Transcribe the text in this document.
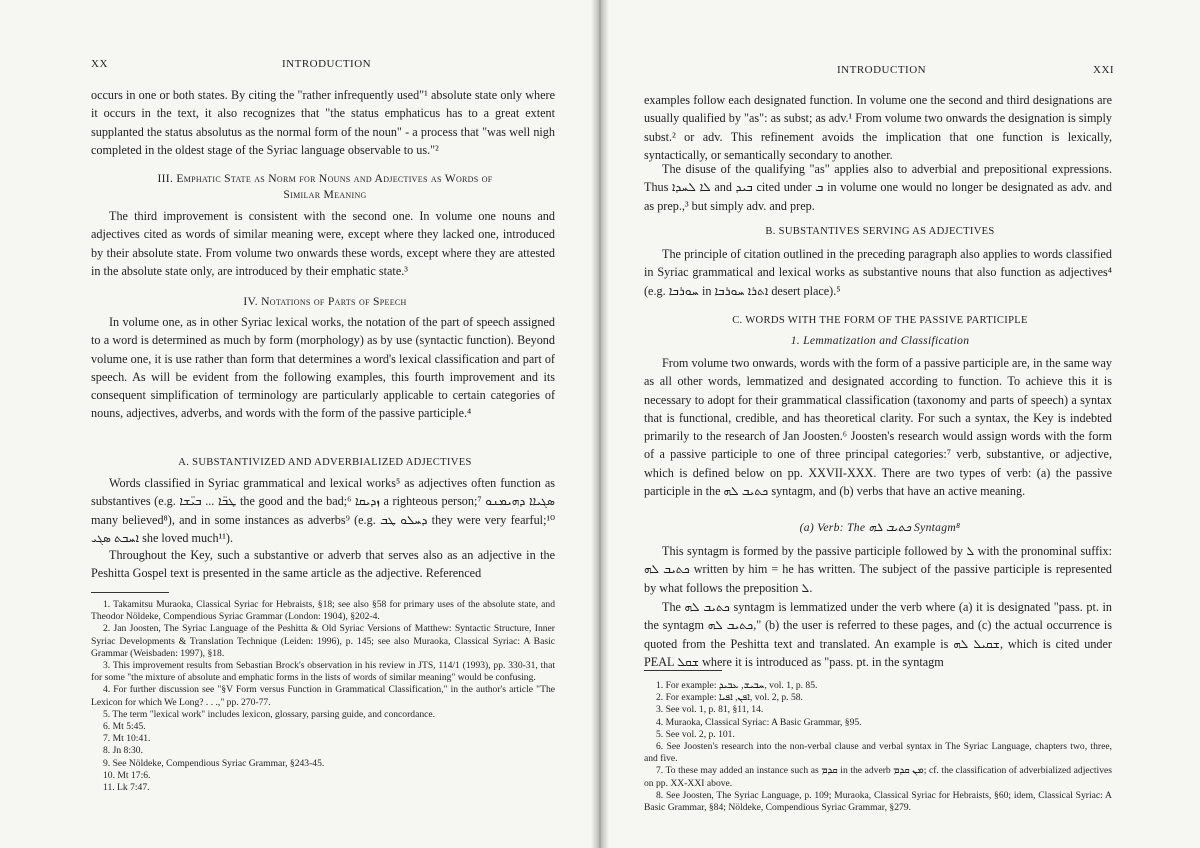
XX	INTRODUCTION

occurs in one or both states. By citing the "rather infrequently used"¹ absolute state only where it occurs in the text, it also recognizes that "the status emphaticus has to a great extent supplanted the status absolutus as the normal form of the noun" - a process that "was well nigh completed in the oldest stage of the Syriac language observable to us."²

III. Emphatic State as Norm for Nouns and Adjectives as Words of Similar Meaning

The third improvement is consistent with the second one. In volume one nouns and adjectives cited as words of similar meaning were, except where they lacked one, introduced by their absolute state. From volume two onwards these words, except where they are attested in the absolute state only, are introduced by their emphatic state.³

IV. Notations of Parts of Speech

In volume one, as in other Syriac lexical works, the notation of the part of speech assigned to a word is determined as much by form (morphology) as by use (syntactic function). Beyond volume one, it is use rather than form that determines a word's lexical classification and part of speech. As will be evident from the following examples, this fourth improvement and its consequent simplification of terminology are particularly applicable to certain categories of nouns, adjectives, adverbs, and words with the form of the passive participle.⁴

A. SUBSTANTIVIZED AND ADVERBIALIZED ADJECTIVES

Words classified in Syriac grammatical and lexical works⁵ as adjectives often function as substantives (e.g. ܛܒ̈ܐ ... ܒܝ̈ܫܐ the good and the bad;⁶ ܙܕܝܩܐ a righteous person;⁷ ܣܓܝܐܐ ܕܗܝܡܢܘ many believed⁸), and in some instances as adverbs⁹ (e.g. ܕܚܠܘ ܛܒ they were very fearful;¹⁰ ܐܚܒܬ ܣܓܝ she loved much¹¹).

Throughout the Key, such a substantive or adverb that serves also as an adjective in the Peshitta Gospel text is presented in the same article as the adjective. Referenced

1. Takamitsu Muraoka, Classical Syriac for Hebraists, §18; see also §58 for primary uses of the absolute state, and Theodor Nöldeke, Compendious Syriac Grammar (London: 1904), §202-4.
2. Jan Joosten, The Syriac Language of the Peshitta & Old Syriac Versions of Matthew: Syntactic Structure, Inner Syriac Developments & Translation Technique (Leiden: 1996), p. 145; see also Muraoka, Classical Syriac: A Basic Grammar (Weisbaden: 1997), §18.
3. This improvement results from Sebastian Brock's observation in his review in JTS, 114/1 (1993), pp. 330-31, that for some "the mixture of absolute and emphatic forms in the lists of words of similar meaning" would be confusing.
4. For further discussion see "§V Form versus Function in Grammatical Classification," in the author's article "The Lexicon for which We Long? . . .," pp. 270-77.
5. The term "lexical work" includes lexicon, glossary, parsing guide, and concordance.
6. Mt 5:45.
7. Mt 10:41.
8. Jn 8:30.
9. See Nöldeke, Compendious Syriac Grammar, §243-45.
10. Mt 17:6.
11. Lk 7:47.
INTRODUCTION	XXI

examples follow each designated function. In volume one the second and third designations are usually qualified by "as": as subst; as adv.¹ From volume two onwards the designation is simply subst.² or adv. This refinement avoids the implication that one function is lexically, syntactically, or semantically secondary to another.

The disuse of the qualifying "as" applies also to adverbial and prepositional expressions. Thus ܠܐ ܠܚܕܐ and ܒܝܕ cited under ܒ in volume one would no longer be designated as adv. and as prep.,³ but simply adv. and prep.

B. SUBSTANTIVES SERVING AS ADJECTIVES

The principle of citation outlined in the preceding paragraph also applies to words classified in Syriac grammatical and lexical works as substantive nouns that also function as adjectives⁴ (e.g. ܚܘܪܒܐ in ܐܬܪܐ ܚܘܪܒܐ desert place).⁵

C. WORDS WITH THE FORM OF THE PASSIVE PARTICIPLE
1. Lemmatization and Classification

From volume two onwards, words with the form of a passive participle are, in the same way as all other words, lemmatized and designated according to function. To achieve this it is necessary to adopt for their grammatical classification (taxonomy and parts of speech) a syntax that is functional, credible, and has theoretical clarity. For such a syntax, the Key is indebted primarily to the research of Jan Joosten.⁶ Joosten's research would assign words with the form of a passive participle to one of three principal categories:⁷ verb, substantive, or adjective, which is defined below on pp. XXVII-XXX. There are two types of verb: (a) the passive participle in the ܟܬܝܒ ܠܗ syntagm, and (b) verbs that have an active meaning.

(a) Verb: The ܟܬܝܒ ܠܗ Syntagm⁸

This syntagm is formed by the passive participle followed by ܠ with the pronominal suffix: ܟܬܝܒ ܠܗ written by him = he has written. The subject of the passive participle is represented by what follows the preposition ܠ.

The ܟܬܝܒ ܠܗ syntagm is lemmatized under the verb where (a) it is designated "pass. pt. in the syntagm ܟܬܝܒ ܠܗ," (b) the user is referred to these pages, and (c) the actual occurrence is quoted from the Peshitta text and translated. An example is ܫܩܝܠ ܠܗ, which is cited under PEAL ܫܩܠ where it is introduced as "pass. pt. in the syntagm

1. For example: ܚܒܝܫ, ܥܒܝܕ, vol. 1, p. 85.
2. For example: ܐܦܢ, ܐܦܝܐ, vol. 2, p. 58.
3. See vol. 1, p. 81, §11, 14.
4. Muraoka, Classical Syriac: A Basic Grammar, §95.
5. See vol. 2, p. 101.
6. See Joosten's research into the non-verbal clause and verbal syntax in The Syriac Language, chapters two, three, and five.
7. To these may added an instance such as ܩܕܡ in the adverb ܡܢ ܩܕܡ; cf. the classification of adverbialized adjectives on pp. XX-XXI above.
8. See Joosten, The Syriac Language, p. 109; Muraoka, Classical Syriac for Hebraists, §60; idem, Classical Syriac: A Basic Grammar, §84; Nöldeke, Compendious Syriac Grammar, §279.
